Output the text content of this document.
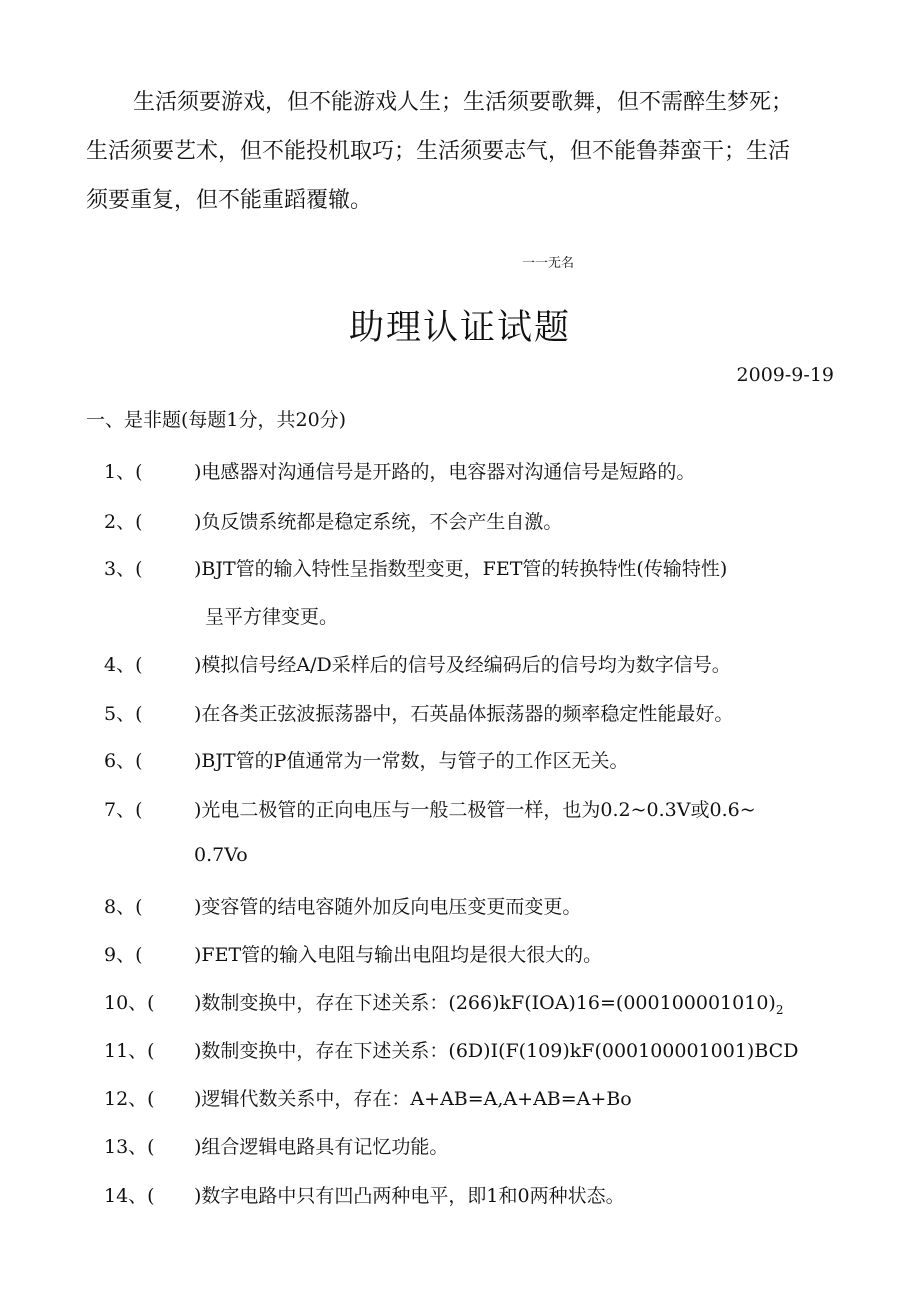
生活须要游戏，但不能游戏人生；生活须要歌舞，但不需醉生梦死；
生活须要艺术，但不能投机取巧；生活须要志气，但不能鲁莽蛮干；生活
须要重复，但不能重蹈覆辙。
一一无名
助理认证试题
2009-9-19
一、是非题(每题1分，共20分)
1、(	)电感器对沟通信号是开路的，电容器对沟通信号是短路的。
2、(	)负反馈系统都是稳定系统，不会产生自激。
3、(	)BJT管的输入特性呈指数型变更，FET管的转换特性(传输特性)
呈平方律变更。
4、(	)模拟信号经A/D采样后的信号及经编码后的信号均为数字信号。
5、(	)在各类正弦波振荡器中，石英晶体振荡器的频率稳定性能最好。
6、(	)BJT管的P值通常为一常数，与管子的工作区无关。
7、(	)光电二极管的正向电压与一般二极管一样，也为0.2~0.3V或0.6~
0.7Vo
8、(	)变容管的结电容随外加反向电压变更而变更。
9、(	)FET管的输入电阻与输出电阻均是很大很大的。
10、( )数制变换中，存在下述关系：$(266)kF(IOA)16=(000100001010)_2$
11、( )数制变换中，存在下述关系：(6D)I(F(109)kF(000100001001)BCD
12、( )逻辑代数关系中，存在：A+AB=A,A+AB=A+Bo
13、( )组合逻辑电路具有记忆功能。
14、( )数字电路中只有凹凸两种电平，即1和0两种状态。
